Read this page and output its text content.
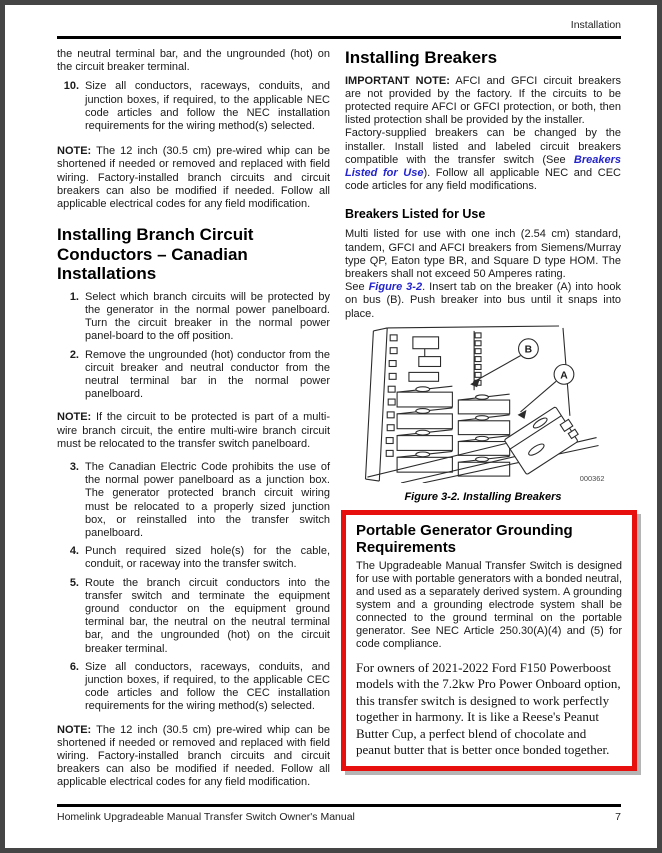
Installation

the neutral terminal bar, and the ungrounded (hot) on the circuit breaker terminal.

10. Size all conductors, raceways, conduits, and junction boxes, if required, to the applicable NEC code articles and follow the NEC installation requirements for the wiring method(s) selected.

NOTE: The 12 inch (30.5 cm) pre-wired whip can be shortened if needed or removed and replaced with field wiring. Factory-installed branch circuits and circuit breakers can also be modified if needed. Follow all applicable electrical codes for any field modification.

Installing Branch Circuit Conductors – Canadian Installations
1. Select which branch circuits will be protected by the generator in the normal power panelboard. Turn the circuit breaker in the normal power panel-board to the off position.
2. Remove the ungrounded (hot) conductor from the circuit breaker and neutral conductor from the neutral terminal bar in the normal power panelboard.

NOTE: If the circuit to be protected is part of a multi-wire branch circuit, the entire multi-wire branch circuit must be relocated to the transfer switch panelboard.

3. The Canadian Electric Code prohibits the use of the normal power panelboard as a junction box. The generator protected branch circuit wiring must be relocated to a properly sized junction box, or reinstalled into the transfer switch panelboard.
4. Punch required sized hole(s) for the cable, conduit, or raceway into the transfer switch.
5. Route the branch circuit conductors into the transfer switch and terminate the equipment ground conductor on the equipment ground terminal bar, the neutral on the neutral terminal bar, and the ungrounded (hot) on the circuit breaker terminal.
6. Size all conductors, raceways, conduits, and junction boxes, if required, to the applicable CEC code articles and follow the CEC installation requirements for the wiring method(s) selected.

NOTE: The 12 inch (30.5 cm) pre-wired whip can be shortened if needed or removed and replaced with field wiring. Factory-installed branch circuits and circuit breakers can also be modified if needed. Follow all applicable electrical codes for any field modification.

Installing Breakers

IMPORTANT NOTE: AFCI and GFCI circuit breakers are not provided by the factory. If the circuits to be protected require AFCI or GFCI protection, or both, then listed protection shall be provided by the installer.

Factory-supplied breakers can be changed by the installer. Install listed and labeled circuit breakers compatible with the transfer switch (See Breakers Listed for Use). Follow all applicable NEC and CEC code articles for any field modifications.

Breakers Listed for Use

Multi listed for use with one inch (2.54 cm) standard, tandem, GFCI and AFCI breakers from Siemens/Murray type QP, Eaton type BR, and Square D type HOM. The breakers shall not exceed 50 Amperes rating.

See Figure 3-2. Insert tab on the breaker (A) into hook on bus (B). Push breaker into bus until it snaps into place.

B
A
000362
Figure 3-2. Installing Breakers
Portable Generator Grounding Requirements

The Upgradeable Manual Transfer Switch is designed for use with portable generators with a bonded neutral, and used as a separately derived system. A grounding system and a grounding electrode system shall be connected to the ground terminal on the portable generator. See NEC Article 250.30(A)(4) and (5) for code compliance.

For owners of 2021-2022 Ford F150 Powerboost models with the 7.2kw Pro Power Onboard option, this transfer switch is designed to work perfectly together in harmony. It is like a Reese's Peanut Butter Cup, a perfect blend of chocolate and peanut butter that is better once bonded together.

Homelink Upgradeable Manual Transfer Switch Owner's Manual	7
